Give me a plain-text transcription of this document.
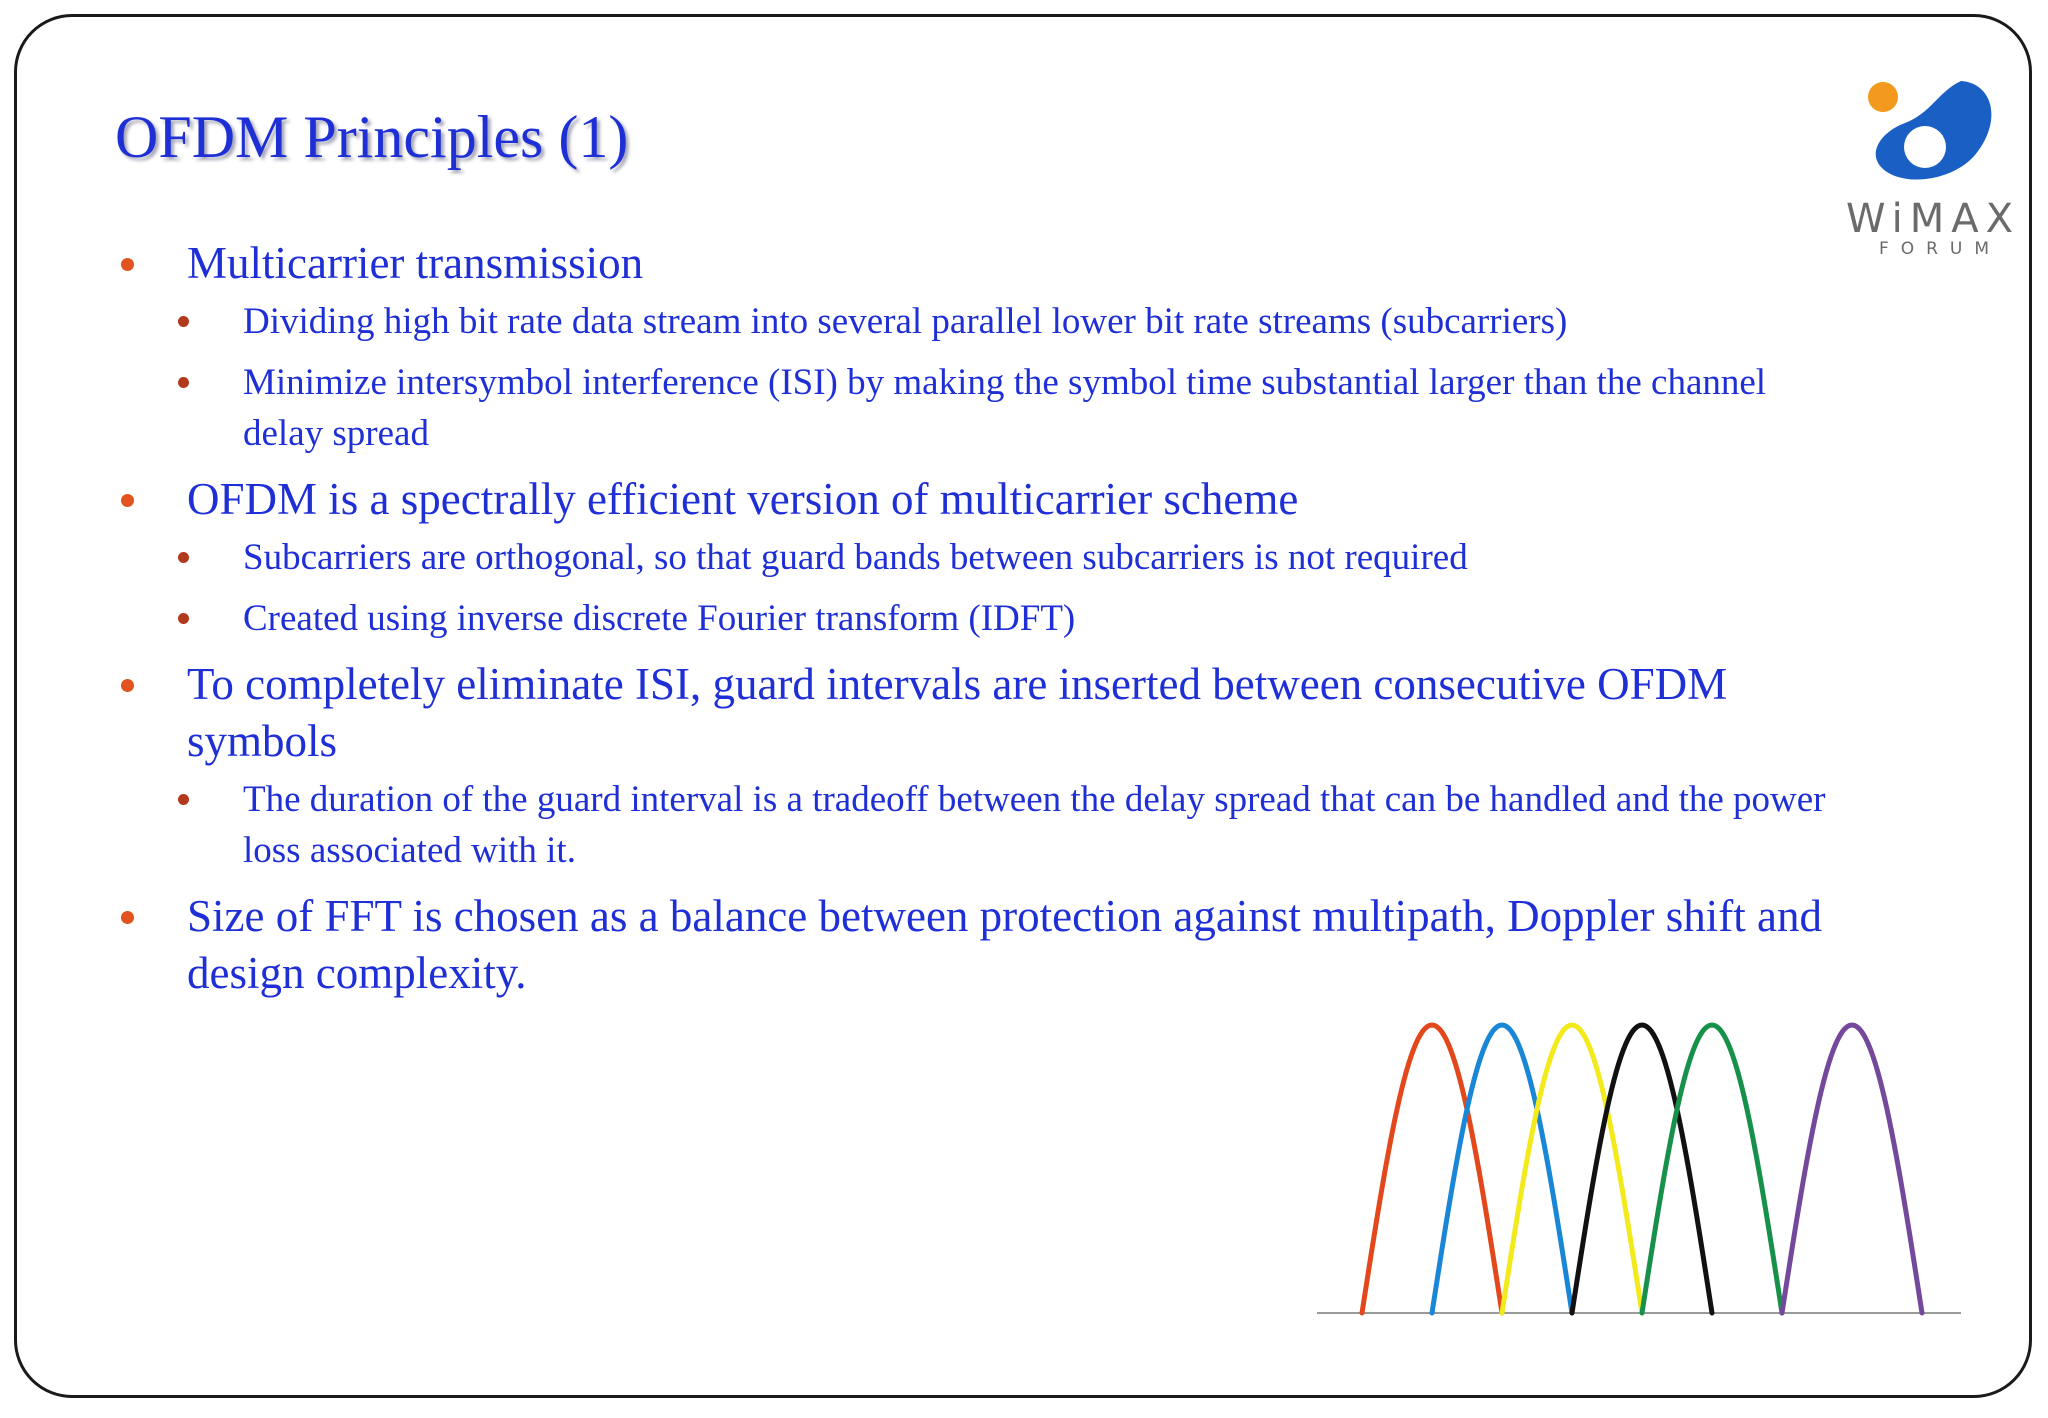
OFDM Principles (1)
WiMAX
FORUM
Multicarrier transmission
Dividing high bit rate data stream into several parallel lower bit rate streams (subcarriers)
Minimize intersymbol interference (ISI) by making the symbol time substantial larger than the channel delay spread
OFDM is a spectrally efficient version of multicarrier scheme
Subcarriers are orthogonal, so that guard bands between subcarriers is not required
Created using inverse discrete Fourier transform (IDFT)
To completely eliminate ISI, guard intervals are inserted between consecutive OFDM symbols
The duration of the guard interval is a tradeoff between the delay spread that can be handled and the power loss associated with it.
Size of FFT is chosen as a balance between protection against multipath, Doppler shift and design complexity.
